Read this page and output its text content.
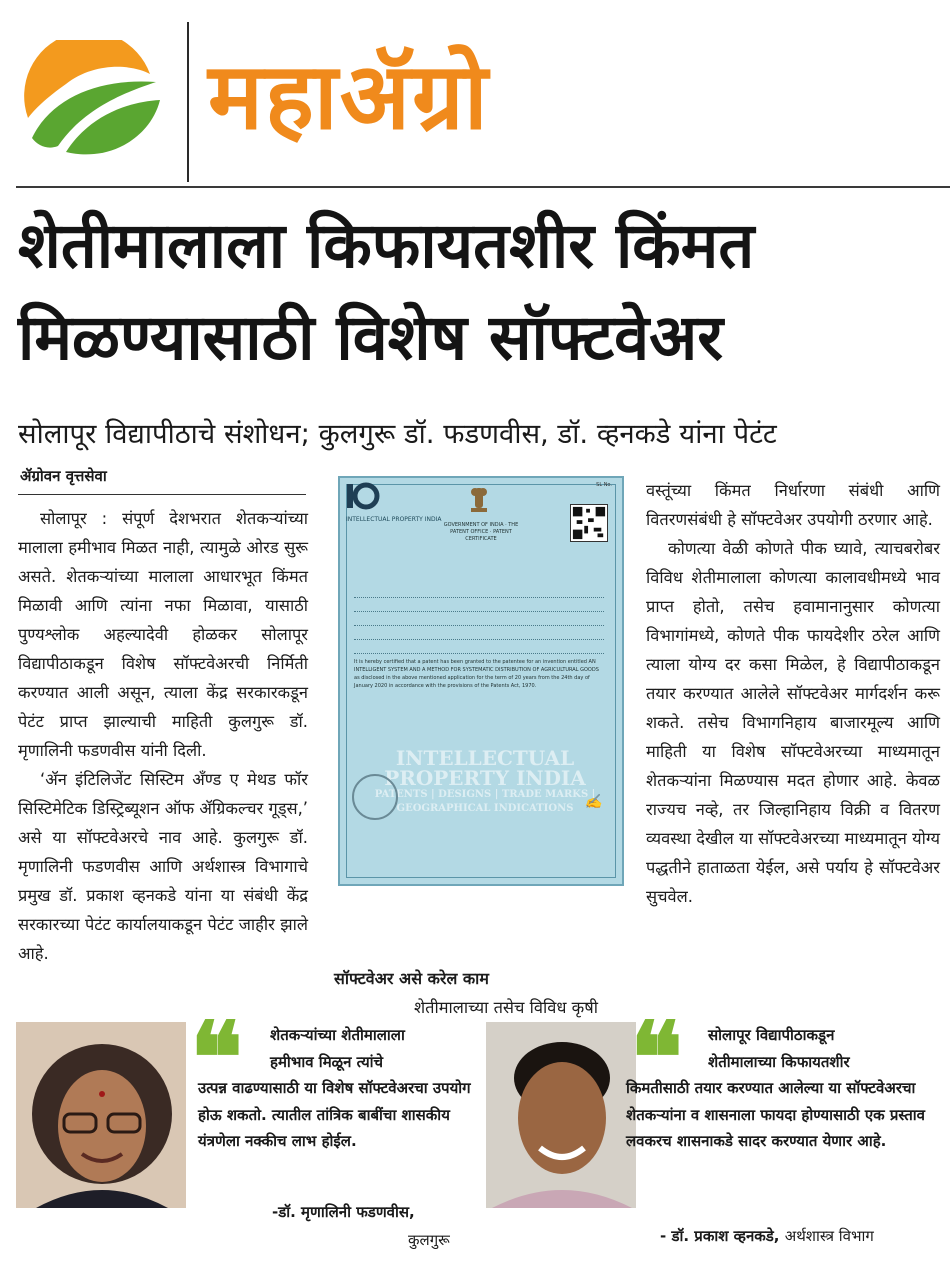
महाॲग्रो
शेतीमालाला किफायतशीर किंमत
मिळण्यासाठी विशेष सॉफ्टवेअर
सोलापूर विद्यापीठाचे संशोधन; कुलगुरू डॉ. फडणवीस, डॉ. व्हनकडे यांना पेटंट
ॲग्रोवन वृत्तसेवा

सोलापूर : संपूर्ण देशभरात शेतकऱ्यांच्या मालाला हमीभाव मिळत नाही, त्यामुळे ओरड सुरू असते. शेतकऱ्यांच्या मालाला आधारभूत किंमत मिळावी आणि त्यांना नफा मिळावा, यासाठी पुण्यश्लोक अहल्यादेवी होळकर सोलापूर विद्यापीठाकडून विशेष सॉफ्टवेअरची निर्मिती करण्यात आली असून, त्याला केंद्र सरकारकडून पेटंट प्राप्त झाल्याची माहिती कुलगुरू डॉ. मृणालिनी फडणवीस यांनी दिली.

‘ॲन इंटिलिजेंट सिस्टिम अँण्ड ए मेथड फॉर सिस्टिमेटिक डिस्ट्रिब्यूशन ऑफ ॲग्रिकल्चर गूड्स,’ असे या सॉफ्टवेअरचे नाव आहे. कुलगुरू डॉ. मृणालिनी फडणवीस आणि अर्थशास्त्र विभागाचे प्रमुख डॉ. प्रकाश व्हनकडे यांना या संबंधी केंद्र सरकारच्या पेटंट कार्यालयाकडून पेटंट जाहीर झाले आहे.

INTELLECTUAL PROPERTY INDIA
GOVERNMENT OF INDIA · THE PATENT OFFICE · PATENT CERTIFICATE
SL No.
It is hereby certified that a patent has been granted to the patentee for an invention entitled AN INTELLIGENT SYSTEM AND A METHOD FOR SYSTEMATIC DISTRIBUTION OF AGRICULTURAL GOODS as disclosed in the above mentioned application for the term of 20 years from the 24th day of January 2020 in accordance with the provisions of the Patents Act, 1970.
INTELLECTUAL
PROPERTY INDIA
PATENTS | DESIGNS | TRADE MARKS | GEOGRAPHICAL INDICATIONS ✍
सॉफ्टवेअर असे करेल काम

शेतीमालाच्या तसेच विविध कृषी

वस्तूंच्या किंमत निर्धारणा संबंधी आणि वितरणसंबंधी हे सॉफ्टवेअर उपयोगी ठरणार आहे.

कोणत्या वेळी कोणते पीक घ्यावे, त्याचबरोबर विविध शेतीमालाला कोणत्या कालावधीमध्ये भाव प्राप्त होतो, तसेच हवामानानुसार कोणत्या विभागांमध्ये, कोणते पीक फायदेशीर ठरेल आणि त्याला योग्य दर कसा मिळेल, हे विद्यापीठाकडून तयार करण्यात आलेले सॉफ्टवेअर मार्गदर्शन करू शकते. तसेच विभागनिहाय बाजारमूल्य आणि माहिती या विशेष सॉफ्टवेअरच्या माध्यमातून शेतकऱ्यांना मिळण्यास मदत होणार आहे. केवळ राज्यच नव्हे, तर जिल्हानिहाय विक्री व वितरण व्यवस्था देखील या सॉफ्टवेअरच्या माध्यमातून योग्य पद्धतीने हाताळता येईल, असे पर्याय हे सॉफ्टवेअर सुचवेल.

❝	शेतकऱ्यांच्या शेतीमालाला
हमीभाव मिळून त्यांचे
उत्पन्न वाढण्यासाठी या विशेष सॉफ्टवेअरचा उपयोग होऊ शकतो. त्यातील तांत्रिक बाबींचा शासकीय यंत्रणेला नक्कीच लाभ होईल.
-डॉ. मृणालिनी फडणवीस,
कुलगुरू
❝	सोलापूर विद्यापीठाकडून
शेतीमालाच्या किफायतशीर
किमतीसाठी तयार करण्यात आलेल्या या सॉफ्टवेअरचा शेतकऱ्यांना व शासनाला फायदा होण्यासाठी एक प्रस्ताव लवकरच शासनाकडे सादर करण्यात येणार आहे.
- डॉ. प्रकाश व्हनकडे, अर्थशास्त्र विभाग
